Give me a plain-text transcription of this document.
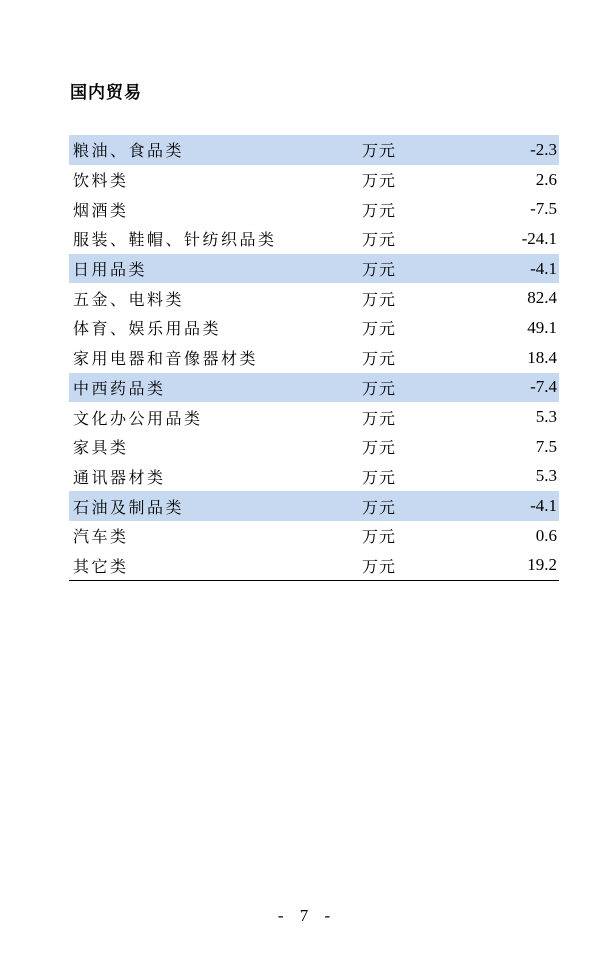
国内贸易
粮油、食品类	万元	-2.3
饮料类	万元	2.6
烟酒类	万元	-7.5
服装、鞋帽、针纺织品类	万元	-24.1
日用品类	万元	-4.1
五金、电料类	万元	82.4
体育、娱乐用品类	万元	49.1
家用电器和音像器材类	万元	18.4
中西药品类	万元	-7.4
文化办公用品类	万元	5.3
家具类	万元	7.5
通讯器材类	万元	5.3
石油及制品类	万元	-4.1
汽车类	万元	0.6
其它类	万元	19.2
- 7 -
